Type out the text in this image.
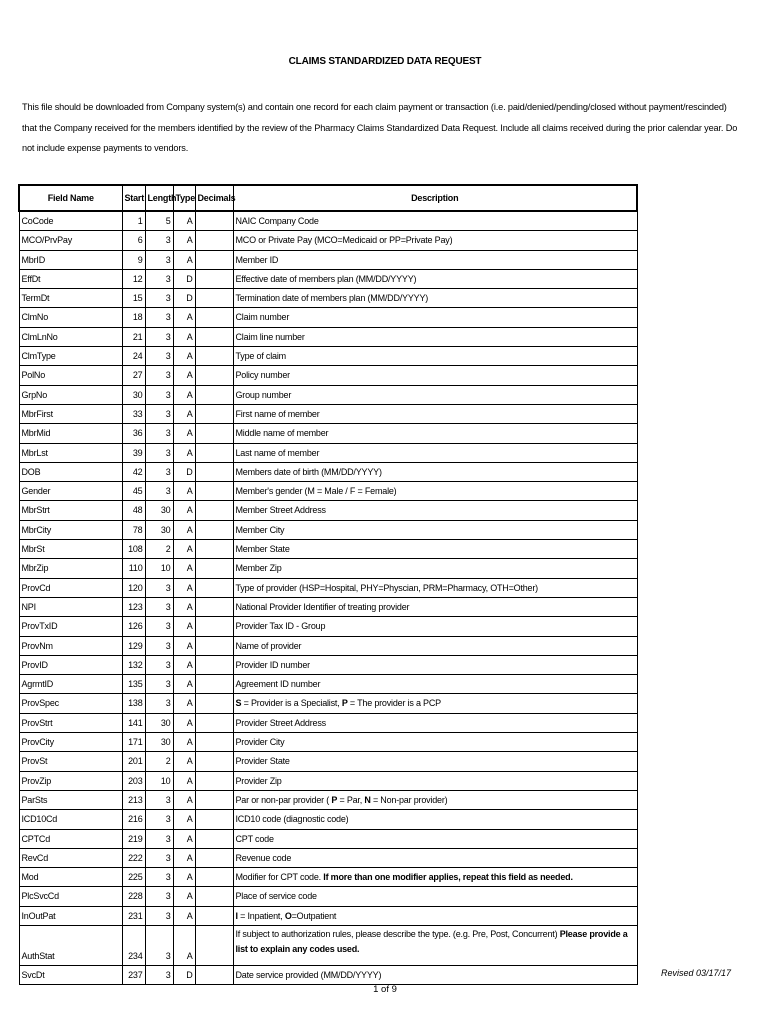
CLAIMS STANDARDIZED DATA REQUEST
This file should be downloaded from Company system(s) and contain one record for each claim payment or transaction (i.e. paid/denied/pending/closed without payment/rescinded) that the Company received for the members identified by the review of the Pharmacy Claims Standardized Data Request. Include all claims received during the prior calendar year. Do not include expense payments to vendors.
Field Name	Start	Length	Type	Decimals	Description
CoCode	1	5	A		NAIC Company Code
MCO/PrvPay	6	3	A		MCO or Private Pay (MCO=Medicaid or PP=Private Pay)
MbrID	9	3	A		Member ID
EffDt	12	3	D		Effective date of members plan (MM/DD/YYYY)
TermDt	15	3	D		Termination date of members plan (MM/DD/YYYY)
ClmNo	18	3	A		Claim number
ClmLnNo	21	3	A		Claim line number
ClmType	24	3	A		Type of claim
PolNo	27	3	A		Policy number
GrpNo	30	3	A		Group number
MbrFirst	33	3	A		First name of member
MbrMid	36	3	A		Middle name of member
MbrLst	39	3	A		Last name of member
DOB	42	3	D		Members date of birth (MM/DD/YYYY)
Gender	45	3	A		Member's gender (M = Male / F = Female)
MbrStrt	48	30	A		Member Street Address
MbrCity	78	30	A		Member City
MbrSt	108	2	A		Member State
MbrZip	110	10	A		Member Zip
ProvCd	120	3	A		Type of provider (HSP=Hospital, PHY=Physcian, PRM=Pharmacy, OTH=Other)
NPI	123	3	A		National Provider Identifier of treating provider
ProvTxID	126	3	A		Provider Tax ID - Group
ProvNm	129	3	A		Name of provider
ProvID	132	3	A		Provider ID number
AgrmtID	135	3	A		Agreement ID number
ProvSpec	138	3	A		S = Provider is a Specialist, P = The provider is a PCP
ProvStrt	141	30	A		Provider Street Address
ProvCity	171	30	A		Provider City
ProvSt	201	2	A		Provider State
ProvZip	203	10	A		Provider Zip
ParSts	213	3	A		Par or non-par provider ( P = Par, N = Non-par provider)
ICD10Cd	216	3	A		ICD10 code (diagnostic code)
CPTCd	219	3	A		CPT code
RevCd	222	3	A		Revenue code
Mod	225	3	A		Modifier for CPT code. If more than one modifier applies, repeat this field as needed.
PlcSvcCd	228	3	A		Place of service code
InOutPat	231	3	A		I = Inpatient, O=Outpatient
AuthStat	234	3	A		If subject to authorization rules, please describe the type. (e.g. Pre, Post, Concurrent) Please provide a list to explain any codes used.
SvcDt	237	3	D		Date service provided (MM/DD/YYYY)	Revised 03/17/17
1 of 9
